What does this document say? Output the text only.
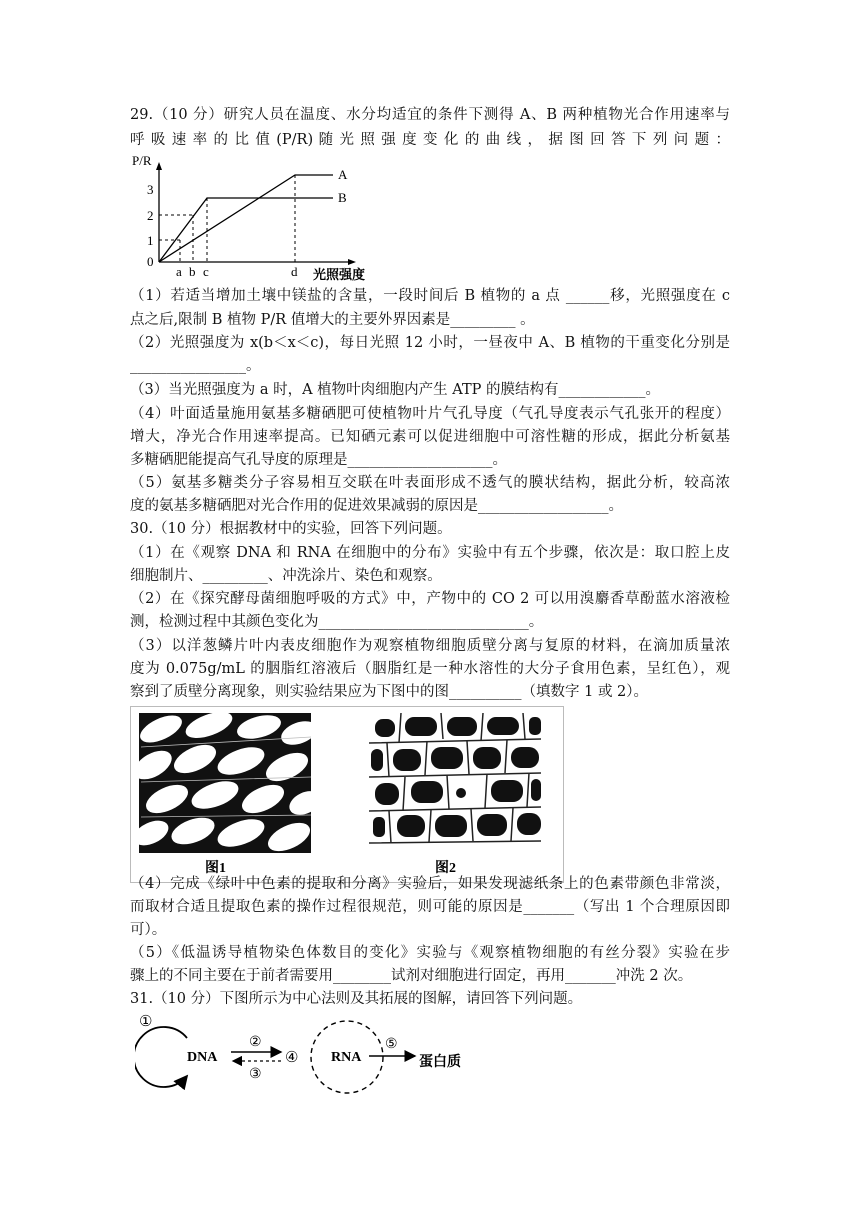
29.（10 分）研究人员在温度、水分均适宜的条件下测得 A、B 两种植物光合作用速率与
呼 吸 速 率 的 比 值 (P/R) 随 光 照 强 度 变 化 的 曲 线 ， 据 图 回 答 下 列 问 题 ：
P/R
3
2
1
0
A
B
a b c	d 光照强度
（1）若适当增加土壤中镁盐的含量，一段时间后 B 植物的 a 点 ______移，光照强度在 c
点之后,限制 B 植物 P/R 值增大的主要外界因素是_________ 。
（2）光照强度为 x(b＜x＜c)，每日光照 12 小时，一昼夜中 A、B 植物的干重变化分别是
________________。
（3）当光照强度为 a 时，A 植物叶肉细胞内产生 ATP 的膜结构有____________。
（4）叶面适量施用氨基多糖硒肥可使植物叶片气孔导度（气孔导度表示气孔张开的程度）
增大，净光合作用速率提高。已知硒元素可以促进细胞中可溶性糖的形成，据此分析氨基
多糖硒肥能提高气孔导度的原理是____________________。
（5）氨基多糖类分子容易相互交联在叶表面形成不透气的膜状结构，据此分析，较高浓
度的氨基多糖硒肥对光合作用的促进效果减弱的原因是__________________。
30.（10 分）根据教材中的实验，回答下列问题。
（1）在《观察 DNA 和 RNA 在细胞中的分布》实验中有五个步骤，依次是：取口腔上皮
细胞制片、_________、冲洗涂片、染色和观察。
（2）在《探究酵母菌细胞呼吸的方式》中，产物中的 CO 2 可以用溴麝香草酚蓝水溶液检
测，检测过程中其颜色变化为_____________________________。
（3）以洋葱鳞片叶内表皮细胞作为观察植物细胞质壁分离与复原的材料，在滴加质量浓
度为 0.075g/mL 的胭脂红溶液后（胭脂红是一种水溶性的大分子食用色素，呈红色），观
察到了质壁分离现象，则实验结果应为下图中的图__________（填数字 1 或 2）。
图1	图2
（4）完成《绿叶中色素的提取和分离》实验后，如果发现滤纸条上的色素带颜色非常淡，
而取材合适且提取色素的操作过程很规范，则可能的原因是_______（写出 1 个合理原因即
可）。
（5）《低温诱导植物染色体数目的变化》实验与《观察植物细胞的有丝分裂》实验在步
骤上的不同主要在于前者需要用________试剂对细胞进行固定，再用_______冲洗 2 次。
31.（10 分）下图所示为中心法则及其拓展的图解，请回答下列问题。
①
DNA
②
③
④ RNA
⑤
蛋白质
